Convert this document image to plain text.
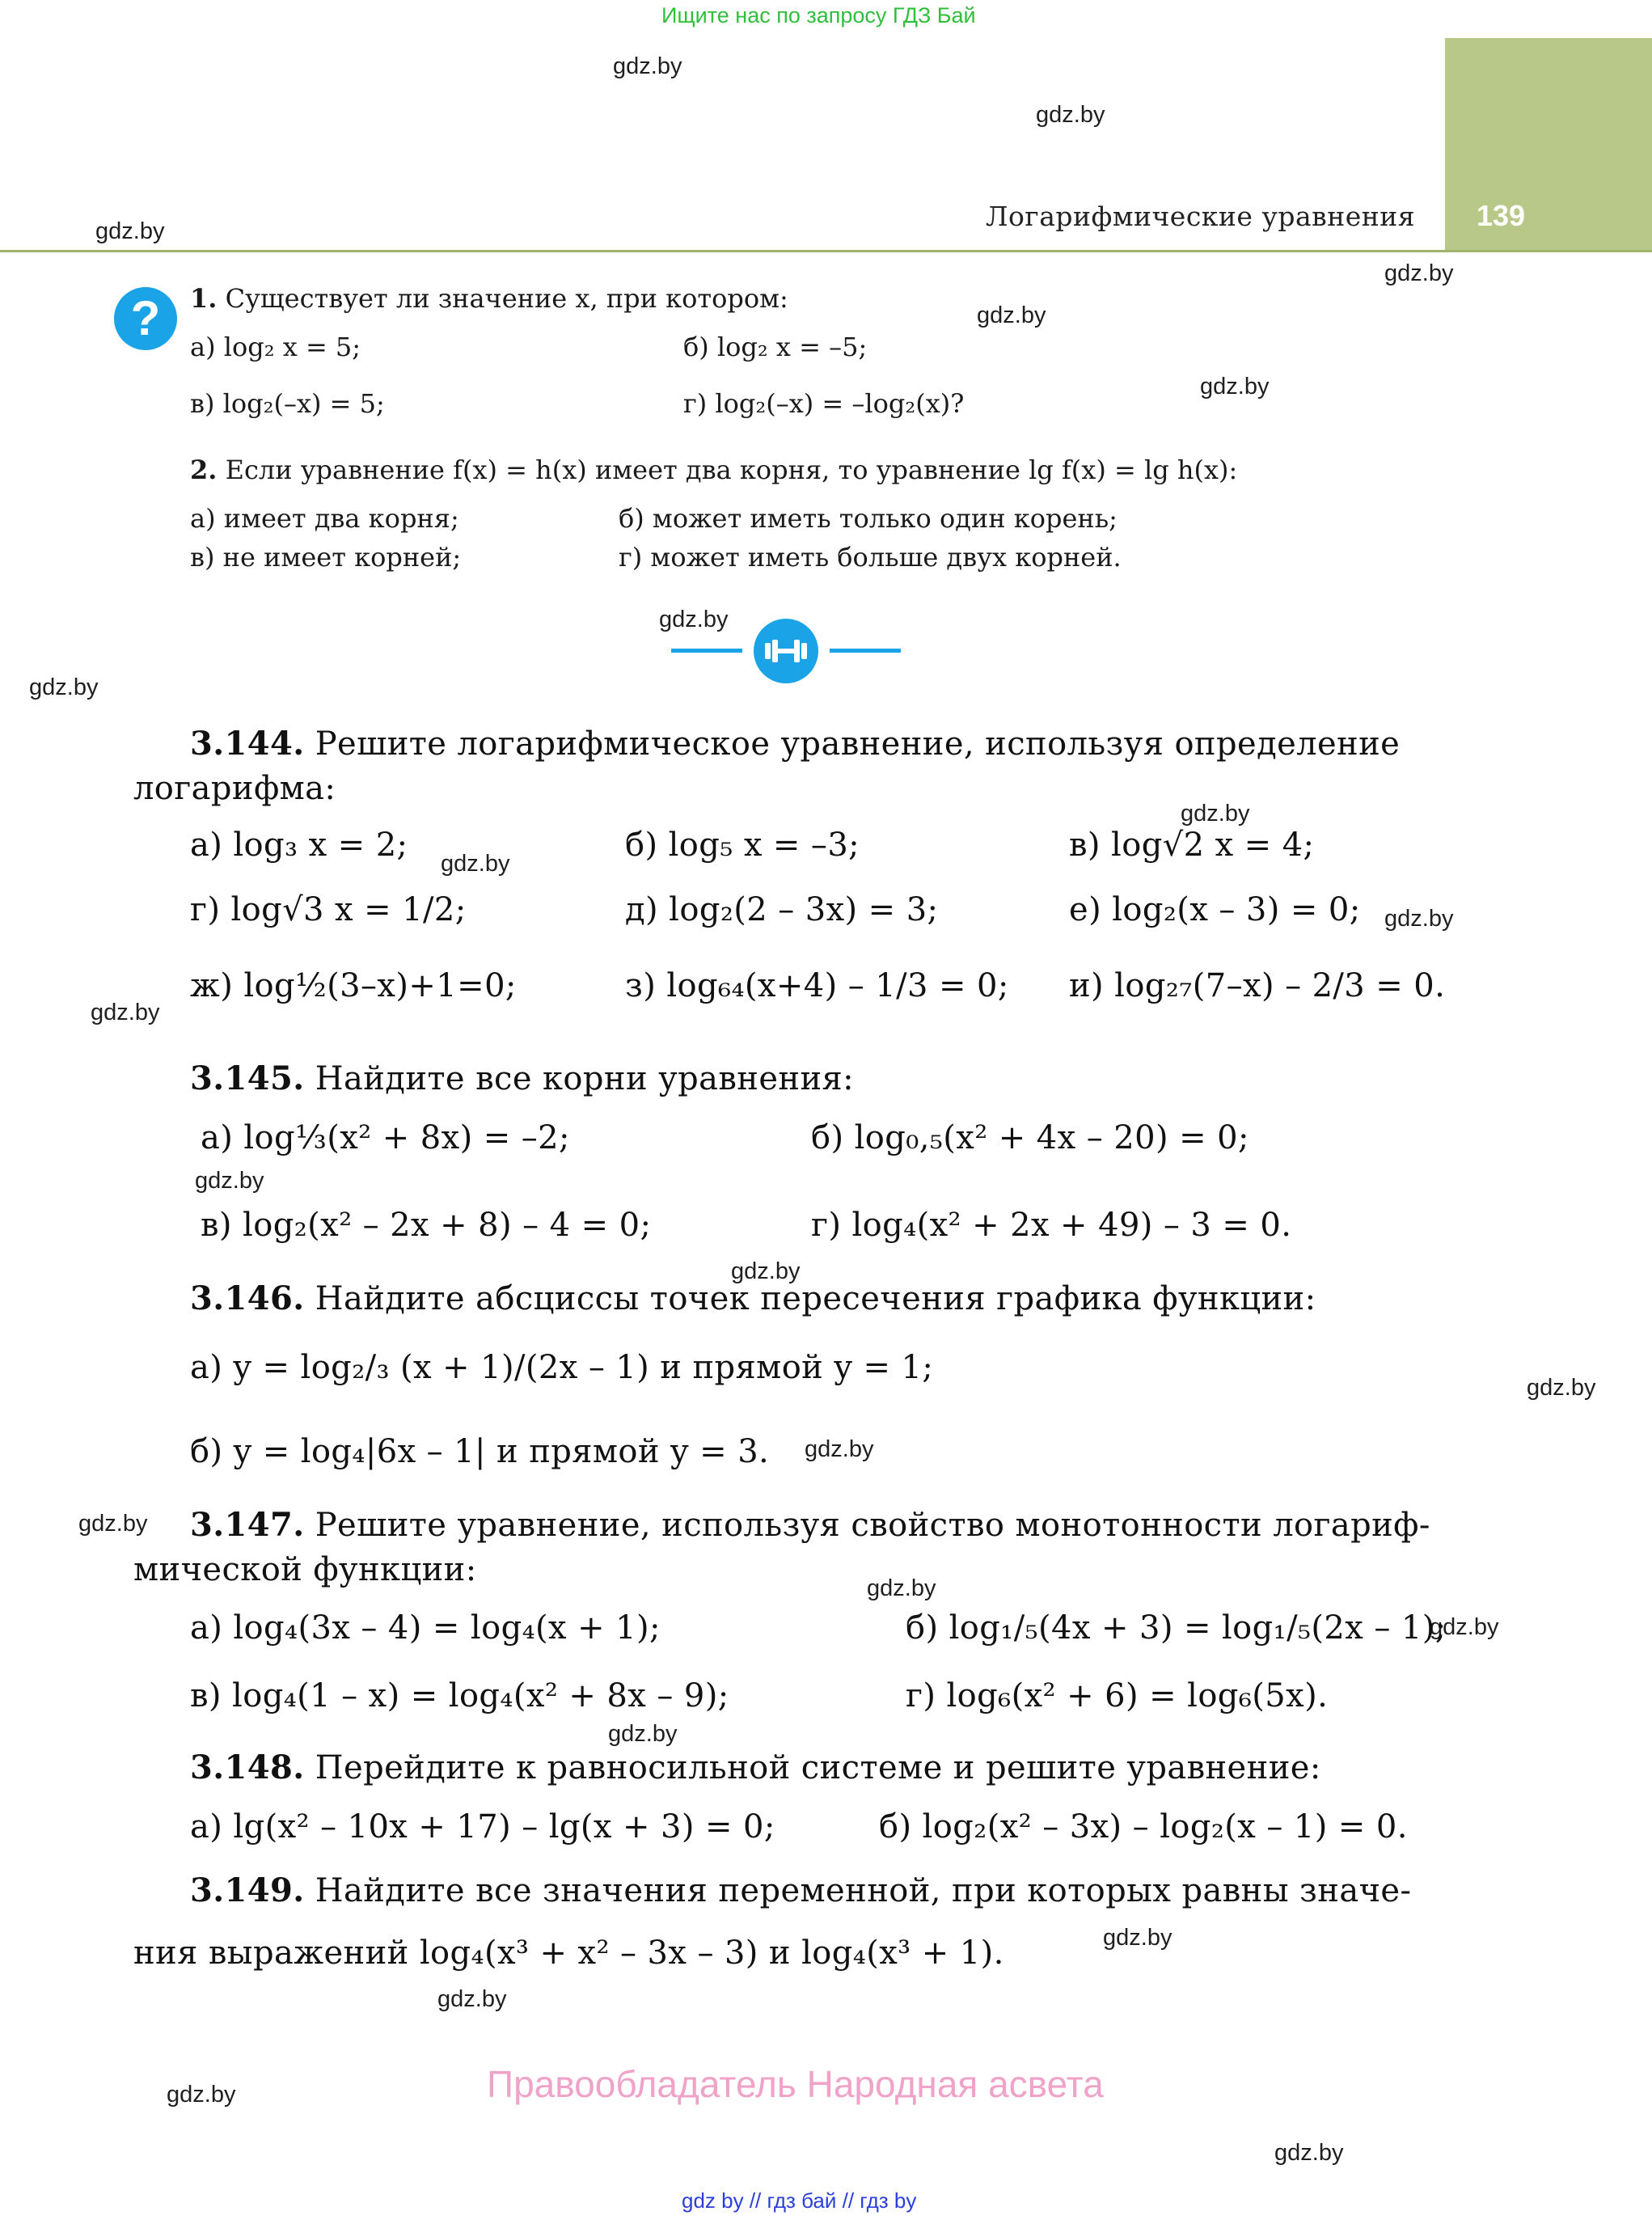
Ищите нас по запросу ГДЗ Бай
139
Логарифмические уравнения
gdz.by
gdz.by
gdz.by
gdz.by
gdz.by
gdz.by
gdz.by
gdz.by
gdz.by
gdz.by
gdz.by
gdz.by
gdz.by
gdz.by
gdz.by
gdz.by
gdz.by
gdz.by
gdz.by
gdz.by
gdz.by
gdz.by
gdz.by
gdz.by
?	1. Существует ли значение x, при котором:
а) log₂ x = 5;	б) log₂ x = –5;
в) log₂(–x) = 5;	г) log₂(–x) = –log₂(x)?
2. Если уравнение f(x) = h(x) имеет два корня, то уравнение lg f(x) = lg h(x):
а) имеет два корня;	б) может иметь только один корень;
в) не имеет корней;	г) может иметь больше двух корней.
3.144. Решите логарифмическое уравнение, используя определение
логарифма:
а) log₃ x = 2;	б) log₅ x = –3;	в) log√2 x = 4;
г) log√3 x = 1/2;	д) log₂(2 – 3x) = 3;	е) log₂(x – 3) = 0;
ж) log½(3–x)+1=0;	з) log₆₄(x+4) – 1/3 = 0; и) log₂₇(7–x) – 2/3 = 0.
3.145. Найдите все корни уравнения:
а) log⅓(x² + 8x) = –2;	б) log₀,₅(x² + 4x – 20) = 0;
в) log₂(x² – 2x + 8) – 4 = 0;	г) log₄(x² + 2x + 49) – 3 = 0.
3.146. Найдите абсциссы точек пересечения графика функции:
а) y = log₂/₃ (x + 1)/(2x – 1) и прямой y = 1;
б) y = log₄|6x – 1| и прямой y = 3.
3.147. Решите уравнение, используя свойство монотонности логариф-
мической функции:
а) log₄(3x – 4) = log₄(x + 1);	б) log₁/₅(4x + 3) = log₁/₅(2x – 1);
в) log₄(1 – x) = log₄(x² + 8x – 9);	г) log₆(x² + 6) = log₆(5x).
3.148. Перейдите к равносильной системе и решите уравнение:
а) lg(x² – 10x + 17) – lg(x + 3) = 0;	б) log₂(x² – 3x) – log₂(x – 1) = 0.
3.149. Найдите все значения переменной, при которых равны значе-
ния выражений log₄(x³ + x² – 3x – 3) и log₄(x³ + 1).
Правообладатель Народная асвета
gdz by // гдз бай // гдз by
